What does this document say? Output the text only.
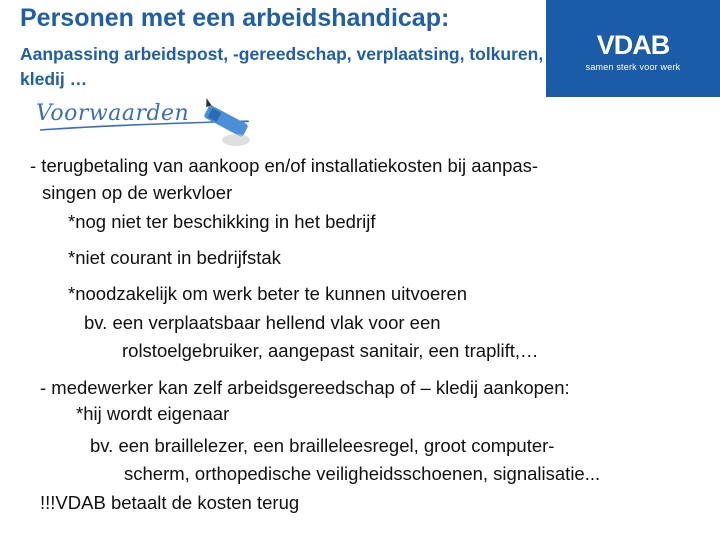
Personen met een arbeidshandicap:
Aanpassing arbeidspost, -gereedschap, verplaatsing, tolkuren, kledij …
VDAB
samen sterk voor werk
Voorwaarden
- terugbetaling van aankoop en/of installatiekosten bij aanpas-
singen op de werkvloer
*nog niet ter beschikking in het bedrijf
*niet courant in bedrijfstak
*noodzakelijk om werk beter te kunnen uitvoeren
bv. een verplaatsbaar hellend vlak voor een
rolstoelgebruiker, aangepast sanitair, een traplift,…
- medewerker kan zelf arbeidsgereedschap of – kledij aankopen:
*hij wordt eigenaar
bv. een braillelezer, een brailleleesregel, groot computer-
scherm, orthopedische veiligheidsschoenen, signalisatie...
!!!VDAB betaalt de kosten terug
